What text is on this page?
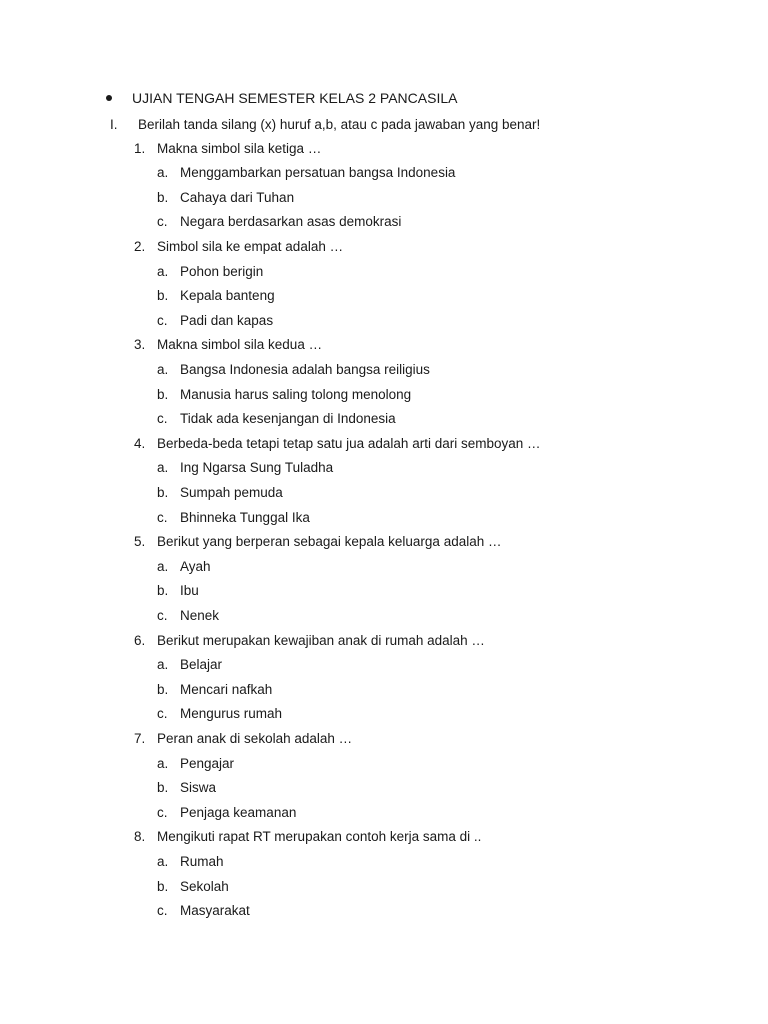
UJIAN TENGAH SEMESTER KELAS 2 PANCASILA
I.	Berilah tanda silang (x) huruf a,b, atau c pada jawaban yang benar!
1. Makna simbol sila ketiga …
a. Menggambarkan persatuan bangsa Indonesia
b. Cahaya dari Tuhan
c. Negara berdasarkan asas demokrasi
2. Simbol sila ke empat adalah …
a. Pohon berigin
b. Kepala banteng
c. Padi dan kapas
3. Makna simbol sila kedua …
a. Bangsa Indonesia adalah bangsa reiligius
b. Manusia harus saling tolong menolong
c. Tidak ada kesenjangan di Indonesia
4. Berbeda-beda tetapi tetap satu jua adalah arti dari semboyan …
a. Ing Ngarsa Sung Tuladha
b. Sumpah pemuda
c. Bhinneka Tunggal Ika
5. Berikut yang berperan sebagai kepala keluarga adalah …
a. Ayah
b. Ibu
c. Nenek
6. Berikut merupakan kewajiban anak di rumah adalah …
a. Belajar
b. Mencari nafkah
c. Mengurus rumah
7. Peran anak di sekolah adalah …
a. Pengajar
b. Siswa
c. Penjaga keamanan
8. Mengikuti rapat RT merupakan contoh kerja sama di ..
a. Rumah
b. Sekolah
c. Masyarakat
